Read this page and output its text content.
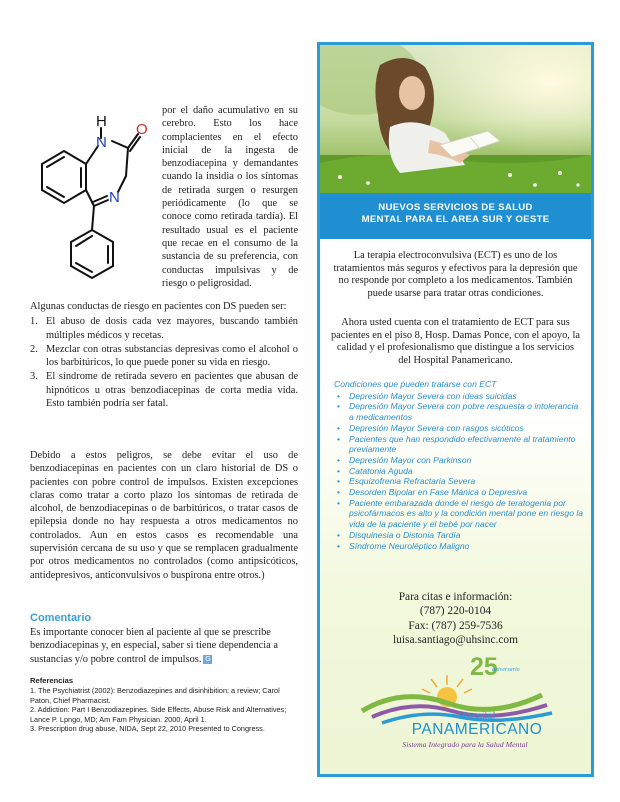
H
N
O
N

por el daño acumulativo en su cerebro. Esto los hace complacientes en el efecto inicial de la ingesta de benzodiacepina y demandantes cuando la insidia o los síntomas de retirada surgen o resurgen periódicamente (lo que se conoce como retirada tardía). El resultado usual es el paciente que recae en el consumo de la sustancia de su preferencia, con conductas impulsivas y de riesgo o peligrosidad.

Algunas conductas de riesgo en pacientes con DS pueden ser:

1. El abuso de dosis cada vez mayores, buscando también múltiples médicos y recetas.
2. Mezclar con otras substancias depresivas como el alcohol o los barbitúricos, lo que puede poner su vida en riesgo.
3. El síndrome de retirada severo en pacientes que abusan de hipnóticos u otras benzodiacepinas de corta media vida. Esto también podría ser fatal.

Debido a estos peligros, se debe evitar el uso de benzodiacepinas en pacientes con un claro historial de DS o pacientes con pobre control de impulsos. Existen excepciones claras como tratar a corto plazo los síntomas de retirada de alcohol, de benzodiacepinas o de barbitúricos, o tratar casos de epilepsia donde no hay respuesta a otros medicamentos no controlados. Aun en estos casos es recomendable una supervisión cercana de su uso y que se remplacen gradualmente por otros medicamentos no controlados (como antipsicóticos, antidepresivos, anticonvulsivos o buspirona entre otros.)

Comentario

Es importante conocer bien al paciente al que se prescribe benzodiacepinas y, en especial, saber si tiene dependencia a sustancias y/o pobre control de impulsos. G

Referencias

1. The Psychiatrist (2002): Benzodiazepines and disinhibition: a review; Carol Paton, Chief Pharmacist.

2. Addiction: Part I Benzodiazepines. Side Effects, Abuse Risk and Alternatives; Lance P. Lpngo, MD; Am Fam Physician. 2000, April 1.

3. Prescription drug abuse, NIDA, Sept 22, 2010 Presented to Congress.

NUEVOS SERVICIOS DE SALUD
MENTAL PARA EL AREA SUR Y OESTE

La terapia electroconvulsiva (ECT) es uno de los tratamientos más seguros y efectivos para la depresión que no responde por completo a los medicamentos. También puede usarse para tratar otras condiciones.

Ahora usted cuenta con el tratamiento de ECT para sus pacientes en el piso 8, Hosp. Damas Ponce, con el apoyo, la calidad y el profesionalismo que distingue a los servicios del Hospital Panamericano.

Condiciones que pueden tratarse con ECT
• Depresión Mayor Severa con ideas suicidas
• Depresión Mayor Severa con pobre respuesta o intolerancia a medicamentos
• Depresión Mayor Severa con rasgos sicóticos
• Pacientes que han respondido efectivamente al tratamiento previamente
• Depresión Mayor con Parkinson
• Catatonia Aguda
• Esquizofrenia Refractaria Severa
• Desorden Bipolar en Fase Mánica o Depresiva
• Paciente embarazada donde el riesgo de teratogenia por psicofármacos es alto y la condición mental pone en riesgo la vida de la paciente y el bebé por nacer
• Disquinesia o Distonia Tardía
• Síndrome Neuroléptico Maligno
Para citas e información:
(787) 220-0104
Fax: (787) 259-7536
luisa.santiago@uhsinc.com
25
aniversario
Hospital
PANAMERICANO
Sistema Integrado para la Salud Mental
